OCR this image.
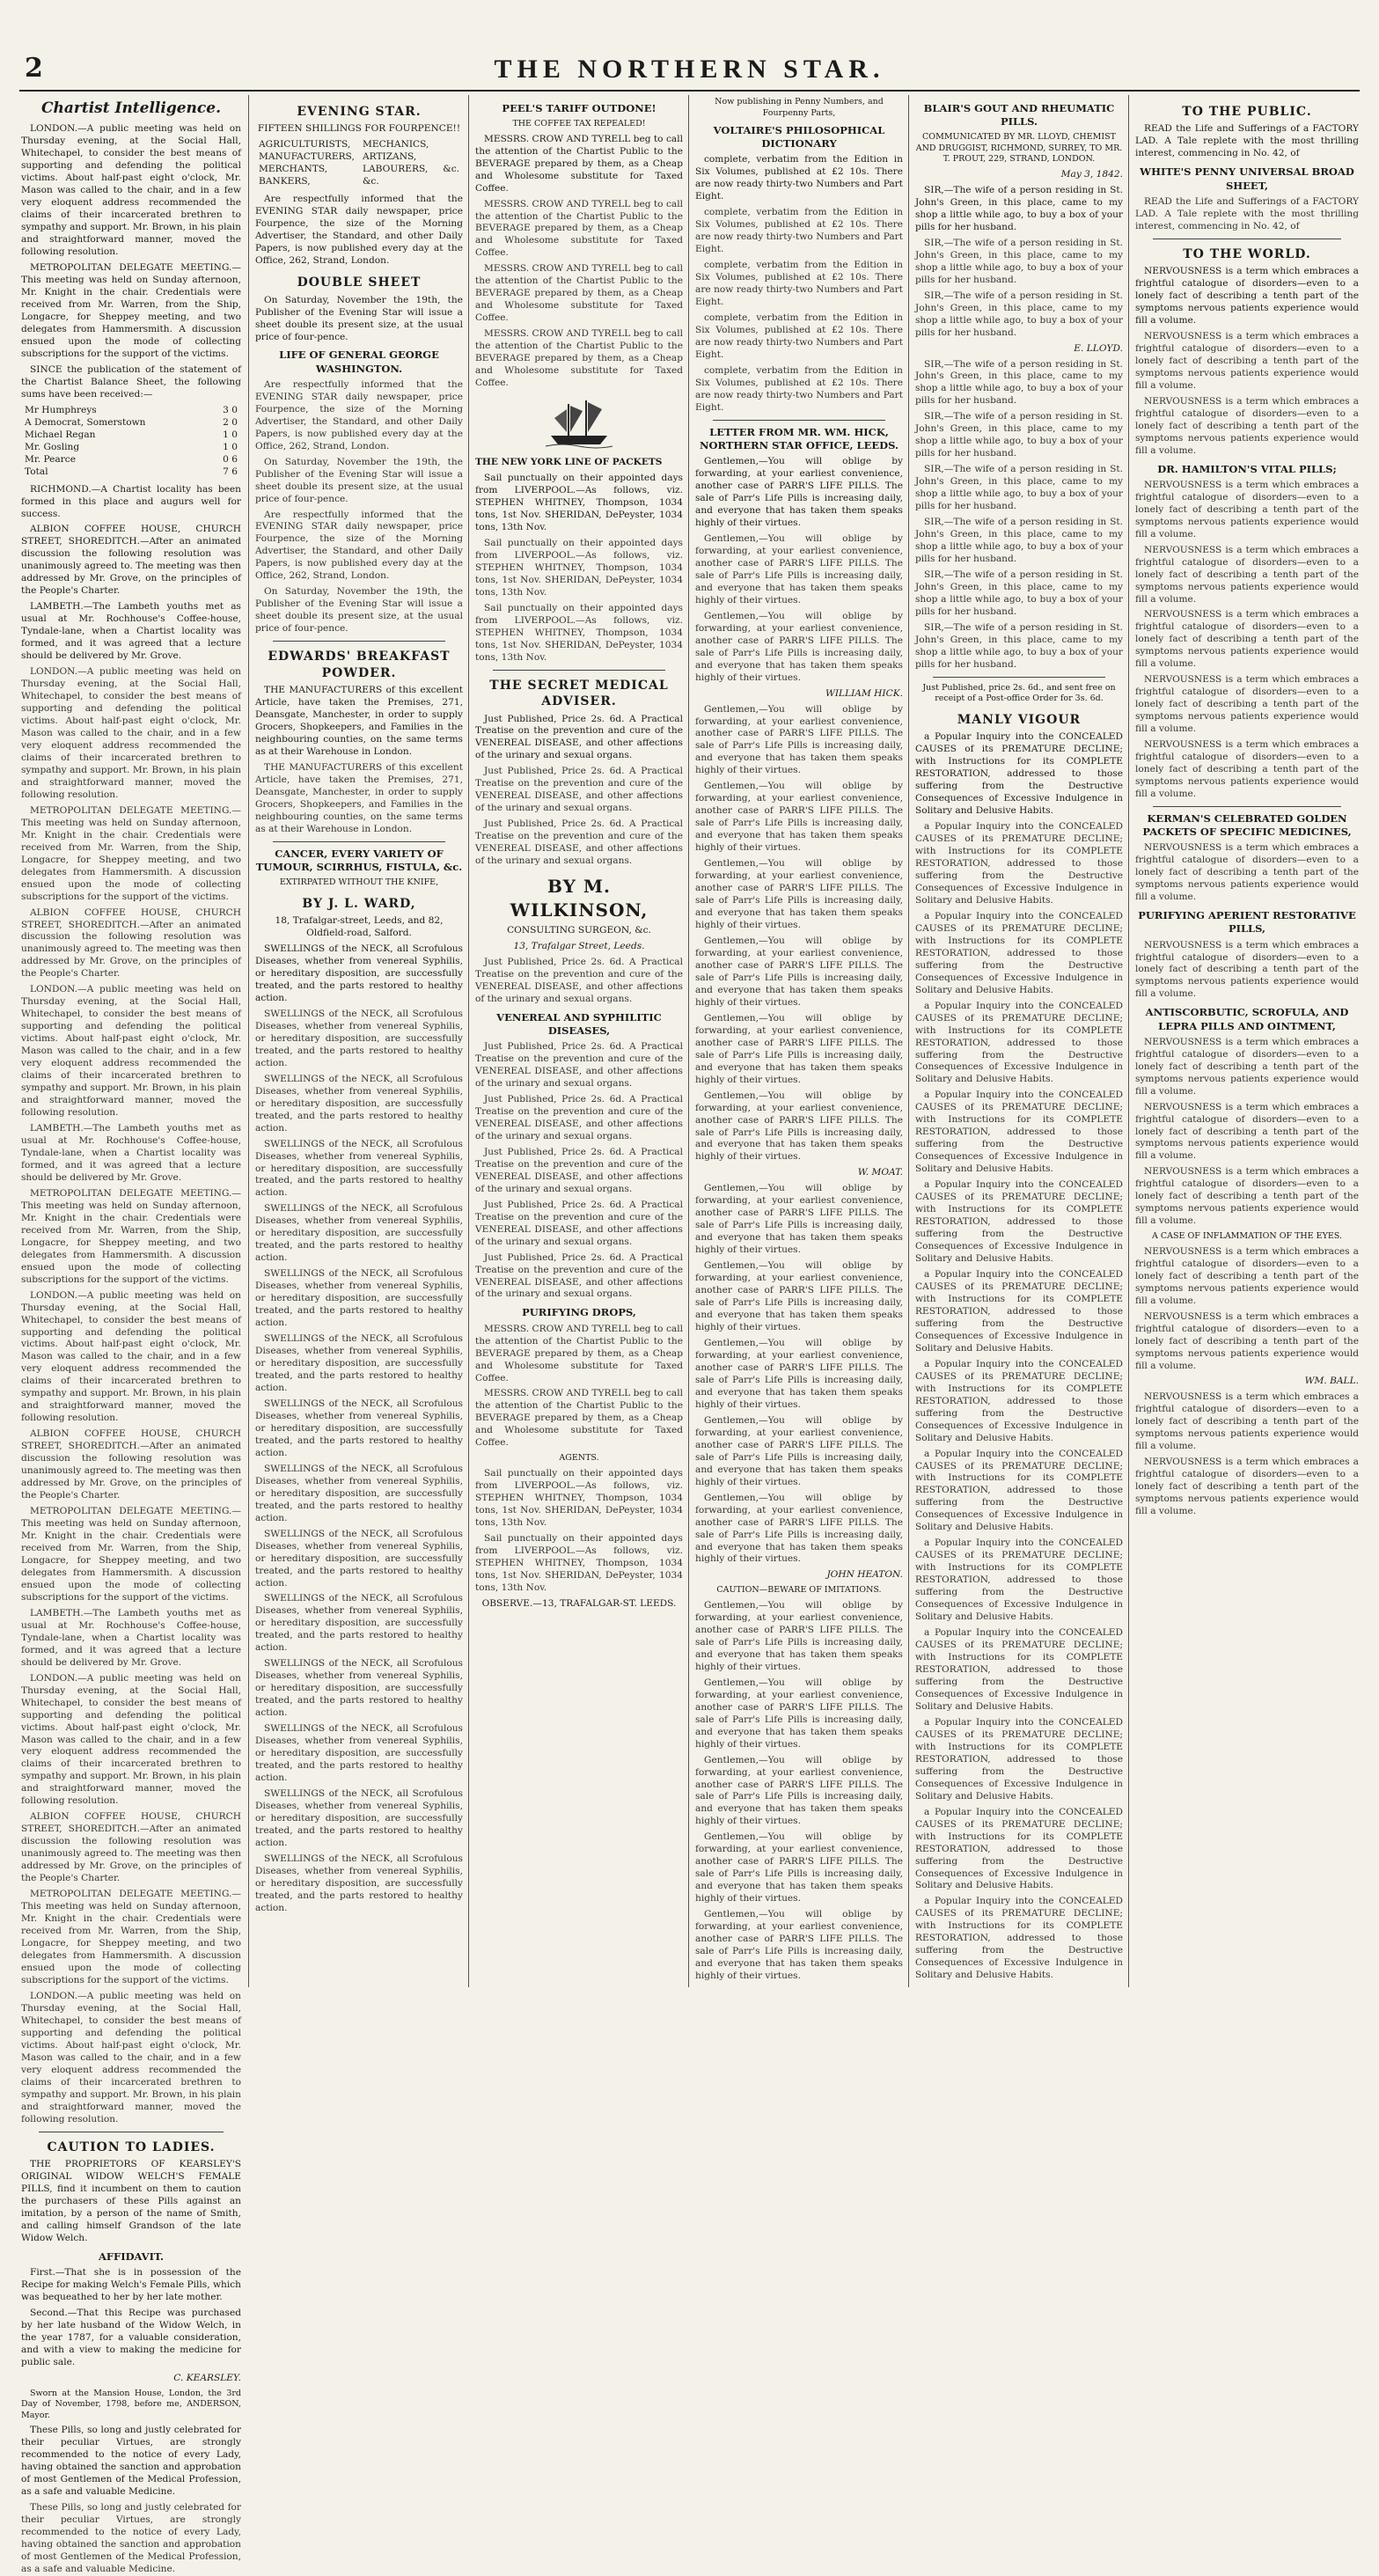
2	THE NORTHERN STAR.
Chartist Intelligence.

LONDON.—A public meeting was held on Thursday evening, at the Social Hall, Whitechapel, to consider the best means of supporting and defending the political victims. About half-past eight o'clock, Mr. Mason was called to the chair, and in a few very eloquent address recommended the claims of their incarcerated brethren to sympathy and support. Mr. Brown, in his plain and straightforward manner, moved the following resolution.

METROPOLITAN DELEGATE MEETING.—This meeting was held on Sunday afternoon, Mr. Knight in the chair. Credentials were received from Mr. Warren, from the Ship, Longacre, for Sheppey meeting, and two delegates from Hammersmith. A discussion ensued upon the mode of collecting subscriptions for the support of the victims.

SINCE the publication of the statement of the Chartist Balance Sheet, the following sums have been received:—

Mr Humphreys	3 0
A Democrat, Somerstown	2 0
Michael Regan	1 0
Mr. Gosling	1 0
Mr. Pearce	0 6
Total	7 6

RICHMOND.—A Chartist locality has been formed in this place and augurs well for success.

ALBION COFFEE HOUSE, CHURCH STREET, SHOREDITCH.—After an animated discussion the following resolution was unanimously agreed to. The meeting was then addressed by Mr. Grove, on the principles of the People's Charter.

LAMBETH.—The Lambeth youths met as usual at Mr. Rochhouse's Coffee-house, Tyndale-lane, when a Chartist locality was formed, and it was agreed that a lecture should be delivered by Mr. Grove.

LONDON.—A public meeting was held on Thursday evening, at the Social Hall, Whitechapel, to consider the best means of supporting and defending the political victims. About half-past eight o'clock, Mr. Mason was called to the chair, and in a few very eloquent address recommended the claims of their incarcerated brethren to sympathy and support. Mr. Brown, in his plain and straightforward manner, moved the following resolution.

METROPOLITAN DELEGATE MEETING.—This meeting was held on Sunday afternoon, Mr. Knight in the chair. Credentials were received from Mr. Warren, from the Ship, Longacre, for Sheppey meeting, and two delegates from Hammersmith. A discussion ensued upon the mode of collecting subscriptions for the support of the victims.

ALBION COFFEE HOUSE, CHURCH STREET, SHOREDITCH.—After an animated discussion the following resolution was unanimously agreed to. The meeting was then addressed by Mr. Grove, on the principles of the People's Charter.

LONDON.—A public meeting was held on Thursday evening, at the Social Hall, Whitechapel, to consider the best means of supporting and defending the political victims. About half-past eight o'clock, Mr. Mason was called to the chair, and in a few very eloquent address recommended the claims of their incarcerated brethren to sympathy and support. Mr. Brown, in his plain and straightforward manner, moved the following resolution.

LAMBETH.—The Lambeth youths met as usual at Mr. Rochhouse's Coffee-house, Tyndale-lane, when a Chartist locality was formed, and it was agreed that a lecture should be delivered by Mr. Grove.

METROPOLITAN DELEGATE MEETING.—This meeting was held on Sunday afternoon, Mr. Knight in the chair. Credentials were received from Mr. Warren, from the Ship, Longacre, for Sheppey meeting, and two delegates from Hammersmith. A discussion ensued upon the mode of collecting subscriptions for the support of the victims.

LONDON.—A public meeting was held on Thursday evening, at the Social Hall, Whitechapel, to consider the best means of supporting and defending the political victims. About half-past eight o'clock, Mr. Mason was called to the chair, and in a few very eloquent address recommended the claims of their incarcerated brethren to sympathy and support. Mr. Brown, in his plain and straightforward manner, moved the following resolution.

ALBION COFFEE HOUSE, CHURCH STREET, SHOREDITCH.—After an animated discussion the following resolution was unanimously agreed to. The meeting was then addressed by Mr. Grove, on the principles of the People's Charter.

METROPOLITAN DELEGATE MEETING.—This meeting was held on Sunday afternoon, Mr. Knight in the chair. Credentials were received from Mr. Warren, from the Ship, Longacre, for Sheppey meeting, and two delegates from Hammersmith. A discussion ensued upon the mode of collecting subscriptions for the support of the victims.

LAMBETH.—The Lambeth youths met as usual at Mr. Rochhouse's Coffee-house, Tyndale-lane, when a Chartist locality was formed, and it was agreed that a lecture should be delivered by Mr. Grove.

LONDON.—A public meeting was held on Thursday evening, at the Social Hall, Whitechapel, to consider the best means of supporting and defending the political victims. About half-past eight o'clock, Mr. Mason was called to the chair, and in a few very eloquent address recommended the claims of their incarcerated brethren to sympathy and support. Mr. Brown, in his plain and straightforward manner, moved the following resolution.

ALBION COFFEE HOUSE, CHURCH STREET, SHOREDITCH.—After an animated discussion the following resolution was unanimously agreed to. The meeting was then addressed by Mr. Grove, on the principles of the People's Charter.

METROPOLITAN DELEGATE MEETING.—This meeting was held on Sunday afternoon, Mr. Knight in the chair. Credentials were received from Mr. Warren, from the Ship, Longacre, for Sheppey meeting, and two delegates from Hammersmith. A discussion ensued upon the mode of collecting subscriptions for the support of the victims.

LONDON.—A public meeting was held on Thursday evening, at the Social Hall, Whitechapel, to consider the best means of supporting and defending the political victims. About half-past eight o'clock, Mr. Mason was called to the chair, and in a few very eloquent address recommended the claims of their incarcerated brethren to sympathy and support. Mr. Brown, in his plain and straightforward manner, moved the following resolution.

CAUTION TO LADIES.

THE PROPRIETORS OF KEARSLEY'S ORIGINAL WIDOW WELCH'S FEMALE PILLS, find it incumbent on them to caution the purchasers of these Pills against an imitation, by a person of the name of Smith, and calling himself Grandson of the late Widow Welch.

AFFIDAVIT.

First.—That she is in possession of the Recipe for making Welch's Female Pills, which was bequeathed to her by her late mother.

Second.—That this Recipe was purchased by her late husband of the Widow Welch, in the year 1787, for a valuable consideration, and with a view to making the medicine for public sale.

C. KEARSLEY.

Sworn at the Mansion House, London, the 3rd Day of November, 1798, before me, ANDERSON, Mayor.

These Pills, so long and justly celebrated for their peculiar Virtues, are strongly recommended to the notice of every Lady, having obtained the sanction and approbation of most Gentlemen of the Medical Profession, as a safe and valuable Medicine.

These Pills, so long and justly celebrated for their peculiar Virtues, are strongly recommended to the notice of every Lady, having obtained the sanction and approbation of most Gentlemen of the Medical Profession, as a safe and valuable Medicine.

EVENING STAR.

FIFTEEN SHILLINGS FOR FOURPENCE!!

AGRICULTURISTS, MANUFACTURERS, MERCHANTS, BANKERS,	MECHANICS, ARTIZANS, LABOURERS, &c. &c.

Are respectfully informed that the EVENING STAR daily newspaper, price Fourpence, the size of the Morning Advertiser, the Standard, and other Daily Papers, is now published every day at the Office, 262, Strand, London.

DOUBLE SHEET

On Saturday, November the 19th, the Publisher of the Evening Star will issue a sheet double its present size, at the usual price of four-pence.

LIFE OF GENERAL GEORGE WASHINGTON.

Are respectfully informed that the EVENING STAR daily newspaper, price Fourpence, the size of the Morning Advertiser, the Standard, and other Daily Papers, is now published every day at the Office, 262, Strand, London.

On Saturday, November the 19th, the Publisher of the Evening Star will issue a sheet double its present size, at the usual price of four-pence.

Are respectfully informed that the EVENING STAR daily newspaper, price Fourpence, the size of the Morning Advertiser, the Standard, and other Daily Papers, is now published every day at the Office, 262, Strand, London.

On Saturday, November the 19th, the Publisher of the Evening Star will issue a sheet double its present size, at the usual price of four-pence.

EDWARDS' BREAKFAST POWDER.

THE MANUFACTURERS of this excellent Article, have taken the Premises, 271, Deansgate, Manchester, in order to supply Grocers, Shopkeepers, and Families in the neighbouring counties, on the same terms as at their Warehouse in London.

THE MANUFACTURERS of this excellent Article, have taken the Premises, 271, Deansgate, Manchester, in order to supply Grocers, Shopkeepers, and Families in the neighbouring counties, on the same terms as at their Warehouse in London.

CANCER, EVERY VARIETY OF TUMOUR, SCIRRHUS, FISTULA, &c.

EXTIRPATED WITHOUT THE KNIFE,

BY J. L. WARD,

18, Trafalgar-street, Leeds, and 82, Oldfield-road, Salford.

SWELLINGS of the NECK, all Scrofulous Diseases, whether from venereal Syphilis, or hereditary disposition, are successfully treated, and the parts restored to healthy action.

SWELLINGS of the NECK, all Scrofulous Diseases, whether from venereal Syphilis, or hereditary disposition, are successfully treated, and the parts restored to healthy action.

SWELLINGS of the NECK, all Scrofulous Diseases, whether from venereal Syphilis, or hereditary disposition, are successfully treated, and the parts restored to healthy action.

SWELLINGS of the NECK, all Scrofulous Diseases, whether from venereal Syphilis, or hereditary disposition, are successfully treated, and the parts restored to healthy action.

SWELLINGS of the NECK, all Scrofulous Diseases, whether from venereal Syphilis, or hereditary disposition, are successfully treated, and the parts restored to healthy action.

SWELLINGS of the NECK, all Scrofulous Diseases, whether from venereal Syphilis, or hereditary disposition, are successfully treated, and the parts restored to healthy action.

SWELLINGS of the NECK, all Scrofulous Diseases, whether from venereal Syphilis, or hereditary disposition, are successfully treated, and the parts restored to healthy action.

SWELLINGS of the NECK, all Scrofulous Diseases, whether from venereal Syphilis, or hereditary disposition, are successfully treated, and the parts restored to healthy action.

SWELLINGS of the NECK, all Scrofulous Diseases, whether from venereal Syphilis, or hereditary disposition, are successfully treated, and the parts restored to healthy action.

SWELLINGS of the NECK, all Scrofulous Diseases, whether from venereal Syphilis, or hereditary disposition, are successfully treated, and the parts restored to healthy action.

SWELLINGS of the NECK, all Scrofulous Diseases, whether from venereal Syphilis, or hereditary disposition, are successfully treated, and the parts restored to healthy action.

SWELLINGS of the NECK, all Scrofulous Diseases, whether from venereal Syphilis, or hereditary disposition, are successfully treated, and the parts restored to healthy action.

SWELLINGS of the NECK, all Scrofulous Diseases, whether from venereal Syphilis, or hereditary disposition, are successfully treated, and the parts restored to healthy action.

SWELLINGS of the NECK, all Scrofulous Diseases, whether from venereal Syphilis, or hereditary disposition, are successfully treated, and the parts restored to healthy action.

SWELLINGS of the NECK, all Scrofulous Diseases, whether from venereal Syphilis, or hereditary disposition, are successfully treated, and the parts restored to healthy action.

PEEL'S TARIFF OUTDONE!

THE COFFEE TAX REPEALED!

MESSRS. CROW AND TYRELL beg to call the attention of the Chartist Public to the BEVERAGE prepared by them, as a Cheap and Wholesome substitute for Taxed Coffee.

MESSRS. CROW AND TYRELL beg to call the attention of the Chartist Public to the BEVERAGE prepared by them, as a Cheap and Wholesome substitute for Taxed Coffee.

MESSRS. CROW AND TYRELL beg to call the attention of the Chartist Public to the BEVERAGE prepared by them, as a Cheap and Wholesome substitute for Taxed Coffee.

MESSRS. CROW AND TYRELL beg to call the attention of the Chartist Public to the BEVERAGE prepared by them, as a Cheap and Wholesome substitute for Taxed Coffee.

THE NEW YORK LINE OF PACKETS

Sail punctually on their appointed days from LIVERPOOL.—As follows, viz. STEPHEN WHITNEY, Thompson, 1034 tons, 1st Nov. SHERIDAN, DePeyster, 1034 tons, 13th Nov.

Sail punctually on their appointed days from LIVERPOOL.—As follows, viz. STEPHEN WHITNEY, Thompson, 1034 tons, 1st Nov. SHERIDAN, DePeyster, 1034 tons, 13th Nov.

Sail punctually on their appointed days from LIVERPOOL.—As follows, viz. STEPHEN WHITNEY, Thompson, 1034 tons, 1st Nov. SHERIDAN, DePeyster, 1034 tons, 13th Nov.

THE SECRET MEDICAL ADVISER.

Just Published, Price 2s. 6d. A Practical Treatise on the prevention and cure of the VENEREAL DISEASE, and other affections of the urinary and sexual organs.

Just Published, Price 2s. 6d. A Practical Treatise on the prevention and cure of the VENEREAL DISEASE, and other affections of the urinary and sexual organs.

Just Published, Price 2s. 6d. A Practical Treatise on the prevention and cure of the VENEREAL DISEASE, and other affections of the urinary and sexual organs.

BY M. WILKINSON,

CONSULTING SURGEON, &c.

13, Trafalgar Street, Leeds.

Just Published, Price 2s. 6d. A Practical Treatise on the prevention and cure of the VENEREAL DISEASE, and other affections of the urinary and sexual organs.

VENEREAL AND SYPHILITIC DISEASES,

Just Published, Price 2s. 6d. A Practical Treatise on the prevention and cure of the VENEREAL DISEASE, and other affections of the urinary and sexual organs.

Just Published, Price 2s. 6d. A Practical Treatise on the prevention and cure of the VENEREAL DISEASE, and other affections of the urinary and sexual organs.

Just Published, Price 2s. 6d. A Practical Treatise on the prevention and cure of the VENEREAL DISEASE, and other affections of the urinary and sexual organs.

Just Published, Price 2s. 6d. A Practical Treatise on the prevention and cure of the VENEREAL DISEASE, and other affections of the urinary and sexual organs.

Just Published, Price 2s. 6d. A Practical Treatise on the prevention and cure of the VENEREAL DISEASE, and other affections of the urinary and sexual organs.

PURIFYING DROPS,

MESSRS. CROW AND TYRELL beg to call the attention of the Chartist Public to the BEVERAGE prepared by them, as a Cheap and Wholesome substitute for Taxed Coffee.

MESSRS. CROW AND TYRELL beg to call the attention of the Chartist Public to the BEVERAGE prepared by them, as a Cheap and Wholesome substitute for Taxed Coffee.

AGENTS.

Sail punctually on their appointed days from LIVERPOOL.—As follows, viz. STEPHEN WHITNEY, Thompson, 1034 tons, 1st Nov. SHERIDAN, DePeyster, 1034 tons, 13th Nov.

Sail punctually on their appointed days from LIVERPOOL.—As follows, viz. STEPHEN WHITNEY, Thompson, 1034 tons, 1st Nov. SHERIDAN, DePeyster, 1034 tons, 13th Nov.

OBSERVE.—13, TRAFALGAR-ST. LEEDS.

Now publishing in Penny Numbers, and Fourpenny Parts,

VOLTAIRE'S PHILOSOPHICAL DICTIONARY

complete, verbatim from the Edition in Six Volumes, published at £2 10s. There are now ready thirty-two Numbers and Part Eight.

complete, verbatim from the Edition in Six Volumes, published at £2 10s. There are now ready thirty-two Numbers and Part Eight.

complete, verbatim from the Edition in Six Volumes, published at £2 10s. There are now ready thirty-two Numbers and Part Eight.

complete, verbatim from the Edition in Six Volumes, published at £2 10s. There are now ready thirty-two Numbers and Part Eight.

complete, verbatim from the Edition in Six Volumes, published at £2 10s. There are now ready thirty-two Numbers and Part Eight.

LETTER FROM MR. WM. HICK, NORTHERN STAR OFFICE, LEEDS.

Gentlemen,—You will oblige by forwarding, at your earliest convenience, another case of PARR'S LIFE PILLS. The sale of Parr's Life Pills is increasing daily, and everyone that has taken them speaks highly of their virtues.

Gentlemen,—You will oblige by forwarding, at your earliest convenience, another case of PARR'S LIFE PILLS. The sale of Parr's Life Pills is increasing daily, and everyone that has taken them speaks highly of their virtues.

Gentlemen,—You will oblige by forwarding, at your earliest convenience, another case of PARR'S LIFE PILLS. The sale of Parr's Life Pills is increasing daily, and everyone that has taken them speaks highly of their virtues.

WILLIAM HICK.

Gentlemen,—You will oblige by forwarding, at your earliest convenience, another case of PARR'S LIFE PILLS. The sale of Parr's Life Pills is increasing daily, and everyone that has taken them speaks highly of their virtues.

Gentlemen,—You will oblige by forwarding, at your earliest convenience, another case of PARR'S LIFE PILLS. The sale of Parr's Life Pills is increasing daily, and everyone that has taken them speaks highly of their virtues.

Gentlemen,—You will oblige by forwarding, at your earliest convenience, another case of PARR'S LIFE PILLS. The sale of Parr's Life Pills is increasing daily, and everyone that has taken them speaks highly of their virtues.

Gentlemen,—You will oblige by forwarding, at your earliest convenience, another case of PARR'S LIFE PILLS. The sale of Parr's Life Pills is increasing daily, and everyone that has taken them speaks highly of their virtues.

Gentlemen,—You will oblige by forwarding, at your earliest convenience, another case of PARR'S LIFE PILLS. The sale of Parr's Life Pills is increasing daily, and everyone that has taken them speaks highly of their virtues.

Gentlemen,—You will oblige by forwarding, at your earliest convenience, another case of PARR'S LIFE PILLS. The sale of Parr's Life Pills is increasing daily, and everyone that has taken them speaks highly of their virtues.

W. MOAT.

Gentlemen,—You will oblige by forwarding, at your earliest convenience, another case of PARR'S LIFE PILLS. The sale of Parr's Life Pills is increasing daily, and everyone that has taken them speaks highly of their virtues.

Gentlemen,—You will oblige by forwarding, at your earliest convenience, another case of PARR'S LIFE PILLS. The sale of Parr's Life Pills is increasing daily, and everyone that has taken them speaks highly of their virtues.

Gentlemen,—You will oblige by forwarding, at your earliest convenience, another case of PARR'S LIFE PILLS. The sale of Parr's Life Pills is increasing daily, and everyone that has taken them speaks highly of their virtues.

Gentlemen,—You will oblige by forwarding, at your earliest convenience, another case of PARR'S LIFE PILLS. The sale of Parr's Life Pills is increasing daily, and everyone that has taken them speaks highly of their virtues.

Gentlemen,—You will oblige by forwarding, at your earliest convenience, another case of PARR'S LIFE PILLS. The sale of Parr's Life Pills is increasing daily, and everyone that has taken them speaks highly of their virtues.

JOHN HEATON.

CAUTION—BEWARE OF IMITATIONS.

Gentlemen,—You will oblige by forwarding, at your earliest convenience, another case of PARR'S LIFE PILLS. The sale of Parr's Life Pills is increasing daily, and everyone that has taken them speaks highly of their virtues.

Gentlemen,—You will oblige by forwarding, at your earliest convenience, another case of PARR'S LIFE PILLS. The sale of Parr's Life Pills is increasing daily, and everyone that has taken them speaks highly of their virtues.

Gentlemen,—You will oblige by forwarding, at your earliest convenience, another case of PARR'S LIFE PILLS. The sale of Parr's Life Pills is increasing daily, and everyone that has taken them speaks highly of their virtues.

Gentlemen,—You will oblige by forwarding, at your earliest convenience, another case of PARR'S LIFE PILLS. The sale of Parr's Life Pills is increasing daily, and everyone that has taken them speaks highly of their virtues.

Gentlemen,—You will oblige by forwarding, at your earliest convenience, another case of PARR'S LIFE PILLS. The sale of Parr's Life Pills is increasing daily, and everyone that has taken them speaks highly of their virtues.

BLAIR'S GOUT AND RHEUMATIC PILLS.

COMMUNICATED BY MR. LLOYD, CHEMIST AND DRUGGIST, RICHMOND, SURREY, TO MR. T. PROUT, 229, STRAND, LONDON.

May 3, 1842.

SIR,—The wife of a person residing in St. John's Green, in this place, came to my shop a little while ago, to buy a box of your pills for her husband.

SIR,—The wife of a person residing in St. John's Green, in this place, came to my shop a little while ago, to buy a box of your pills for her husband.

SIR,—The wife of a person residing in St. John's Green, in this place, came to my shop a little while ago, to buy a box of your pills for her husband.

E. LLOYD.

SIR,—The wife of a person residing in St. John's Green, in this place, came to my shop a little while ago, to buy a box of your pills for her husband.

SIR,—The wife of a person residing in St. John's Green, in this place, came to my shop a little while ago, to buy a box of your pills for her husband.

SIR,—The wife of a person residing in St. John's Green, in this place, came to my shop a little while ago, to buy a box of your pills for her husband.

SIR,—The wife of a person residing in St. John's Green, in this place, came to my shop a little while ago, to buy a box of your pills for her husband.

SIR,—The wife of a person residing in St. John's Green, in this place, came to my shop a little while ago, to buy a box of your pills for her husband.

SIR,—The wife of a person residing in St. John's Green, in this place, came to my shop a little while ago, to buy a box of your pills for her husband.

Just Published, price 2s. 6d., and sent free on receipt of a Post-office Order for 3s. 6d.

MANLY VIGOUR

a Popular Inquiry into the CONCEALED CAUSES of its PREMATURE DECLINE; with Instructions for its COMPLETE RESTORATION, addressed to those suffering from the Destructive Consequences of Excessive Indulgence in Solitary and Delusive Habits.

a Popular Inquiry into the CONCEALED CAUSES of its PREMATURE DECLINE; with Instructions for its COMPLETE RESTORATION, addressed to those suffering from the Destructive Consequences of Excessive Indulgence in Solitary and Delusive Habits.

a Popular Inquiry into the CONCEALED CAUSES of its PREMATURE DECLINE; with Instructions for its COMPLETE RESTORATION, addressed to those suffering from the Destructive Consequences of Excessive Indulgence in Solitary and Delusive Habits.

a Popular Inquiry into the CONCEALED CAUSES of its PREMATURE DECLINE; with Instructions for its COMPLETE RESTORATION, addressed to those suffering from the Destructive Consequences of Excessive Indulgence in Solitary and Delusive Habits.

a Popular Inquiry into the CONCEALED CAUSES of its PREMATURE DECLINE; with Instructions for its COMPLETE RESTORATION, addressed to those suffering from the Destructive Consequences of Excessive Indulgence in Solitary and Delusive Habits.

a Popular Inquiry into the CONCEALED CAUSES of its PREMATURE DECLINE; with Instructions for its COMPLETE RESTORATION, addressed to those suffering from the Destructive Consequences of Excessive Indulgence in Solitary and Delusive Habits.

a Popular Inquiry into the CONCEALED CAUSES of its PREMATURE DECLINE; with Instructions for its COMPLETE RESTORATION, addressed to those suffering from the Destructive Consequences of Excessive Indulgence in Solitary and Delusive Habits.

a Popular Inquiry into the CONCEALED CAUSES of its PREMATURE DECLINE; with Instructions for its COMPLETE RESTORATION, addressed to those suffering from the Destructive Consequences of Excessive Indulgence in Solitary and Delusive Habits.

a Popular Inquiry into the CONCEALED CAUSES of its PREMATURE DECLINE; with Instructions for its COMPLETE RESTORATION, addressed to those suffering from the Destructive Consequences of Excessive Indulgence in Solitary and Delusive Habits.

a Popular Inquiry into the CONCEALED CAUSES of its PREMATURE DECLINE; with Instructions for its COMPLETE RESTORATION, addressed to those suffering from the Destructive Consequences of Excessive Indulgence in Solitary and Delusive Habits.

a Popular Inquiry into the CONCEALED CAUSES of its PREMATURE DECLINE; with Instructions for its COMPLETE RESTORATION, addressed to those suffering from the Destructive Consequences of Excessive Indulgence in Solitary and Delusive Habits.

a Popular Inquiry into the CONCEALED CAUSES of its PREMATURE DECLINE; with Instructions for its COMPLETE RESTORATION, addressed to those suffering from the Destructive Consequences of Excessive Indulgence in Solitary and Delusive Habits.

a Popular Inquiry into the CONCEALED CAUSES of its PREMATURE DECLINE; with Instructions for its COMPLETE RESTORATION, addressed to those suffering from the Destructive Consequences of Excessive Indulgence in Solitary and Delusive Habits.

a Popular Inquiry into the CONCEALED CAUSES of its PREMATURE DECLINE; with Instructions for its COMPLETE RESTORATION, addressed to those suffering from the Destructive Consequences of Excessive Indulgence in Solitary and Delusive Habits.

TO THE PUBLIC.

READ the Life and Sufferings of a FACTORY LAD. A Tale replete with the most thrilling interest, commencing in No. 42, of

WHITE'S PENNY UNIVERSAL BROAD SHEET,

READ the Life and Sufferings of a FACTORY LAD. A Tale replete with the most thrilling interest, commencing in No. 42, of

TO THE WORLD.

NERVOUSNESS is a term which embraces a frightful catalogue of disorders—even to a lonely fact of describing a tenth part of the symptoms nervous patients experience would fill a volume.

NERVOUSNESS is a term which embraces a frightful catalogue of disorders—even to a lonely fact of describing a tenth part of the symptoms nervous patients experience would fill a volume.

NERVOUSNESS is a term which embraces a frightful catalogue of disorders—even to a lonely fact of describing a tenth part of the symptoms nervous patients experience would fill a volume.

DR. HAMILTON'S VITAL PILLS;

NERVOUSNESS is a term which embraces a frightful catalogue of disorders—even to a lonely fact of describing a tenth part of the symptoms nervous patients experience would fill a volume.

NERVOUSNESS is a term which embraces a frightful catalogue of disorders—even to a lonely fact of describing a tenth part of the symptoms nervous patients experience would fill a volume.

NERVOUSNESS is a term which embraces a frightful catalogue of disorders—even to a lonely fact of describing a tenth part of the symptoms nervous patients experience would fill a volume.

NERVOUSNESS is a term which embraces a frightful catalogue of disorders—even to a lonely fact of describing a tenth part of the symptoms nervous patients experience would fill a volume.

NERVOUSNESS is a term which embraces a frightful catalogue of disorders—even to a lonely fact of describing a tenth part of the symptoms nervous patients experience would fill a volume.

KERMAN'S CELEBRATED GOLDEN PACKETS OF SPECIFIC MEDICINES,

NERVOUSNESS is a term which embraces a frightful catalogue of disorders—even to a lonely fact of describing a tenth part of the symptoms nervous patients experience would fill a volume.

PURIFYING APERIENT RESTORATIVE PILLS,

NERVOUSNESS is a term which embraces a frightful catalogue of disorders—even to a lonely fact of describing a tenth part of the symptoms nervous patients experience would fill a volume.

ANTISCORBUTIC, SCROFULA, AND LEPRA PILLS AND OINTMENT,

NERVOUSNESS is a term which embraces a frightful catalogue of disorders—even to a lonely fact of describing a tenth part of the symptoms nervous patients experience would fill a volume.

NERVOUSNESS is a term which embraces a frightful catalogue of disorders—even to a lonely fact of describing a tenth part of the symptoms nervous patients experience would fill a volume.

NERVOUSNESS is a term which embraces a frightful catalogue of disorders—even to a lonely fact of describing a tenth part of the symptoms nervous patients experience would fill a volume.

A CASE OF INFLAMMATION OF THE EYES.

NERVOUSNESS is a term which embraces a frightful catalogue of disorders—even to a lonely fact of describing a tenth part of the symptoms nervous patients experience would fill a volume.

NERVOUSNESS is a term which embraces a frightful catalogue of disorders—even to a lonely fact of describing a tenth part of the symptoms nervous patients experience would fill a volume.

WM. BALL.

NERVOUSNESS is a term which embraces a frightful catalogue of disorders—even to a lonely fact of describing a tenth part of the symptoms nervous patients experience would fill a volume.

NERVOUSNESS is a term which embraces a frightful catalogue of disorders—even to a lonely fact of describing a tenth part of the symptoms nervous patients experience would fill a volume.
